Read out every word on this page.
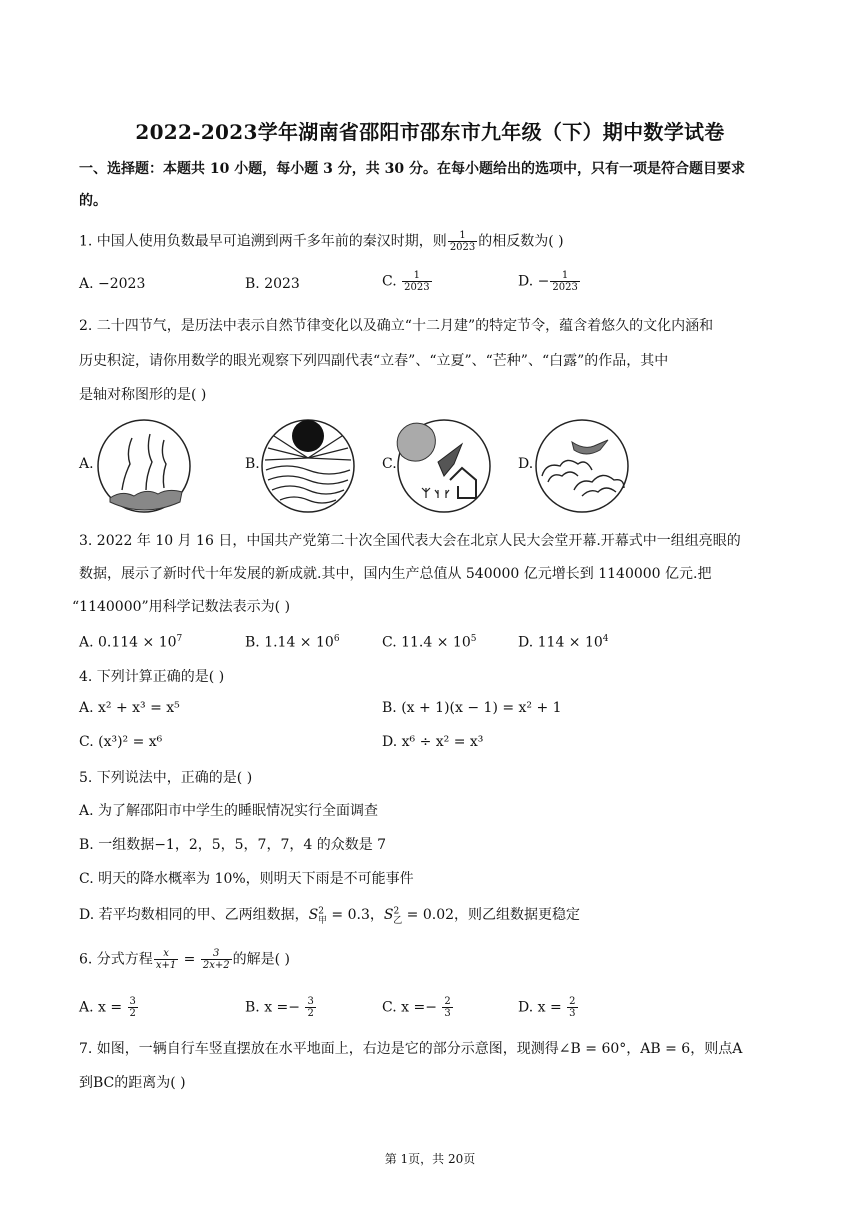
2022-2023学年湖南省邵阳市邵东市九年级（下）期中数学试卷
一、选择题：本题共 10 小题，每小题 3 分，共 30 分。在每小题给出的选项中，只有一项是符合题目要求
的。
1. 中国人使用负数最早可追溯到两千多年前的秦汉时期，则 $\frac{1}{2023}$ 的相反数为( )
A. −2023	B. 2023	C. $\frac{1}{2023}$	D. − $\frac{1}{2023}$
2. 二十四节气，是历法中表示自然节律变化以及确立“十二月建”的特定节令，蕴含着悠久的文化内涵和
历史积淀，请你用数学的眼光观察下列四副代表“立春”、“立夏”、“芒种”、“白露”的作品，其中
是轴对称图形的是( )
A.	B.	C.	D.
3. 2022 年 10 月 16 日，中国共产党第二十次全国代表大会在北京人民大会堂开幕.开幕式中一组组亮眼的
数据，展示了新时代十年发展的新成就.其中，国内生产总值从 540000 亿元增长到 1140000 亿元.把
“1140000”用科学记数法表示为( )
A. $0.114 \times 10^7$	B. $1.14 \times 10^6$	C. $11.4 \times 10^5$	D. $114 \times 10^4$
4. 下列计算正确的是( )
A. x² + x³ = x⁵	B. (x + 1)(x − 1) = x² + 1
C. (x³)² = x⁶	D. x⁶ ÷ x² = x³
5. 下列说法中，正确的是( )
A. 为了解邵阳市中学生的睡眠情况实行全面调查
B. 一组数据−1，2，5，5，7，7，4 的众数是 7
C. 明天的降水概率为 10%，则明天下雨是不可能事件
D. 若平均数相同的甲、乙两组数据，$S^2_甲 = 0.3$，$S^2_乙 = 0.02$，则乙组数据更稳定
6. 分式方程 $\frac{x}{x+1} = \frac{3}{2x+2}$ 的解是( )
A. $x = \frac{3}{2}$	B. $x =- \frac{3}{2}$	C. $x =- \frac{2}{3}$	D. $x = \frac{2}{3}$
7. 如图，一辆自行车竖直摆放在水平地面上，右边是它的部分示意图，现测得∠B = 60°，AB = 6，则点A
到BC的距离为( )
第 1页，共 20页
